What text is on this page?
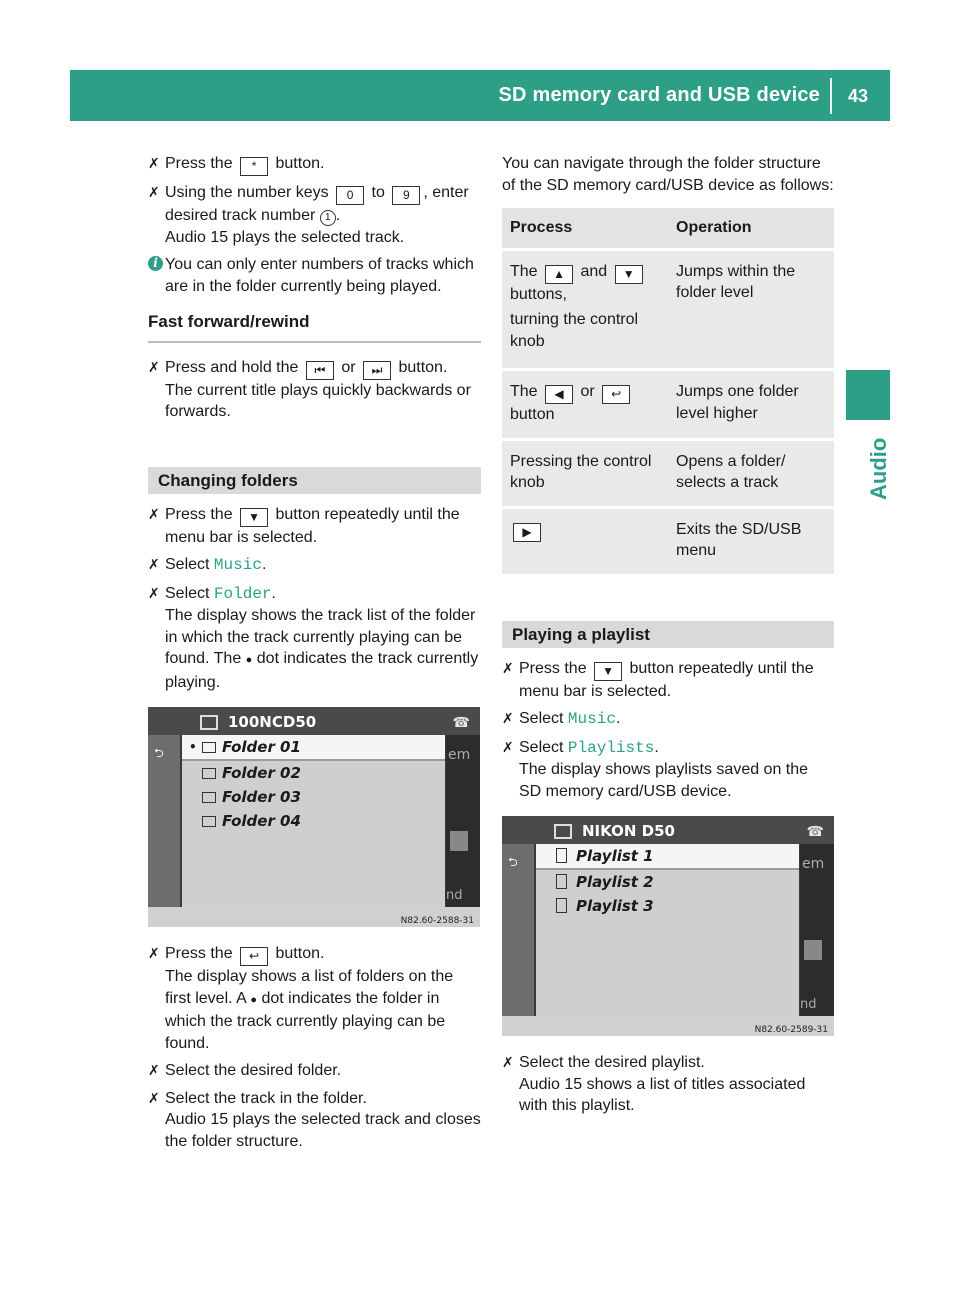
SD memory card and USB device 43
Audio
✗ Press the * button.
✗ Using the number keys 0 to 9 , enter desired track number 1 .
Audio 15 plays the selected track.
i You can only enter numbers of tracks which are in the folder currently being played.
Fast forward/rewind
✗ Press and hold the ⏮ or ⏭ button.
The current title plays quickly backwards or forwards.
Changing folders
✗ Press the ▼ button repeatedly until the menu bar is selected.
✗ Select Music.
✗ Select Folder.
The display shows the track list of the folder in which the track currently playing can be found. The ● dot indicates the track currently playing.
100NCD50	☎
⮌ • Folder 01
Folder 02
Folder 03
Folder 04
em
nd
N82.60-2588-31
✗ Press the ↩ button.
The display shows a list of folders on the first level. A ● dot indicates the folder in which the track currently playing can be found.
✗ Select the desired folder.
✗ Select the track in the folder.
Audio 15 plays the selected track and closes the folder structure.
You can navigate through the folder structure of the SD memory card/USB device as follows:
Process	Operation

The ▲ and ▼ buttons,

turning the control knob	Jumps within the folder level
The ◀ or ↩
button	Jumps one folder level higher
Pressing the control knob	Opens a folder/ selects a track
▶	Exits the SD/USB menu
Playing a playlist
✗ Press the ▼ button repeatedly until the menu bar is selected.
✗ Select Music.
✗ Select Playlists.
The display shows playlists saved on the SD memory card/USB device.
NIKON D50	☎
⮌	Playlist 1
Playlist 2
Playlist 3
em
nd
N82.60-2589-31
✗ Select the desired playlist.
Audio 15 shows a list of titles associated with this playlist.
